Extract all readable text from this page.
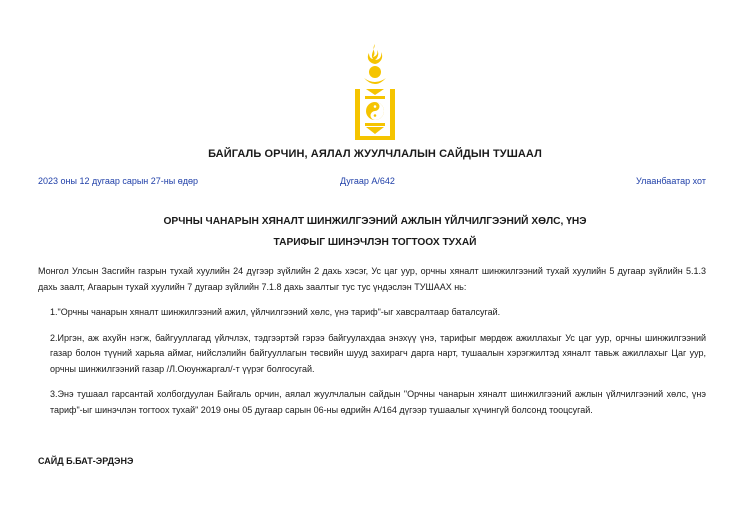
БАЙГАЛЬ ОРЧИН, АЯЛАЛ ЖУУЛЧЛАЛЫН САЙДЫН ТУШААЛ
2023 оны 12 дугаар сарын 27-ны өдөр	Дугаар А/642	Улаанбаатар хот
ОРЧНЫ ЧАНАРЫН ХЯНАЛТ ШИНЖИЛГЭЭНИЙ АЖЛЫН ҮЙЛЧИЛГЭЭНИЙ ХӨЛС, ҮНЭ
ТАРИФЫГ ШИНЭЧЛЭН ТОГТООХ ТУХАЙ

Монгол Улсын Засгийн газрын тухай хуулийн 24 дүгээр зүйлийн 2 дахь хэсэг, Ус цаг уур, орчны хяналт шинжилгээний тухай хуулийн 5 дугаар зүйлийн 5.1.3 дахь заалт, Агаарын тухай хуулийн 7 дугаар зүйлийн 7.1.8 дахь заалтыг тус тус үндэслэн ТУШААХ нь:

1."Орчны чанарын хяналт шинжилгээний ажил, үйлчилгээний хөлс, үнэ тариф"-ыг хавсралтаар баталсугай.

2.Иргэн, аж ахуйн нэгж, байгууллагад үйлчлэх, тэдгээртэй гэрээ байгуулахдаа энэхүү үнэ, тарифыг мөрдөж ажиллахыг Ус цаг уур, орчны шинжилгээний газар болон түүний харьяа аймаг, нийслэлийн байгууллагын төсвийн шууд захирагч дарга нарт, тушаалын хэрэгжилтэд хяналт тавьж ажиллахыг Цаг уур, орчны шинжилгээний газар /Л.Оюунжаргал/-т үүрэг болгосугай.

3.Энэ тушаал гарсантай холбогдуулан Байгаль орчин, аялал жуулчлалын сайдын "Орчны чанарын хяналт шинжилгээний ажлын үйлчилгээний хөлс, үнэ тариф"-ыг шинэчлэн тогтоох тухай" 2019 оны 05 дугаар сарын 06-ны өдрийн А/164 дүгээр тушаалыг хүчингүй болсонд тооцсугай.

САЙД Б.БАТ-ЭРДЭНЭ
